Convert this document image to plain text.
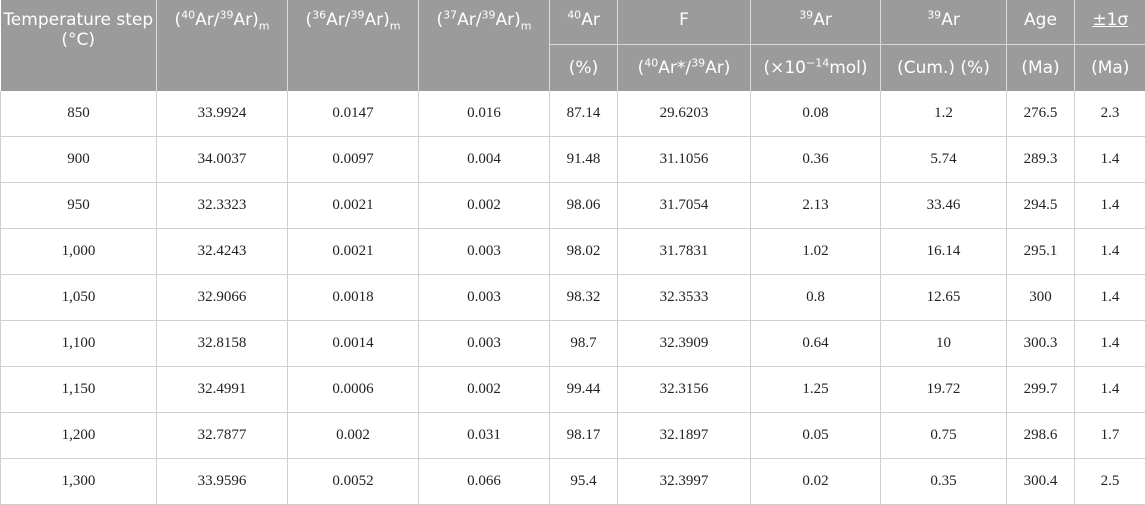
Temperature step (°C)	$(^{40}Ar/^{39}Ar)_m$	$(^{36}Ar/^{39}Ar)_m$	$(^{37}Ar/^{39}Ar)_m$	$^{40}$Ar	F	$^{39}$Ar	$^{39}$Ar	Age	±1σ
				(%)	($^{40}$Ar*/$^{39}$Ar)	$(\times 10^{-14}mol)$	(Cum.) (%)	(Ma)	(Ma)
850	33.9924	0.0147	0.016	87.14	29.6203	0.08	1.2	276.5	2.3
900	34.0037	0.0097	0.004	91.48	31.1056	0.36	5.74	289.3	1.4
950	32.3323	0.0021	0.002	98.06	31.7054	2.13	33.46	294.5	1.4
1,000	32.4243	0.0021	0.003	98.02	31.7831	1.02	16.14	295.1	1.4
1,050	32.9066	0.0018	0.003	98.32	32.3533	0.8	12.65	300	1.4
1,100	32.8158	0.0014	0.003	98.7	32.3909	0.64	10	300.3	1.4
1,150	32.4991	0.0006	0.002	99.44	32.3156	1.25	19.72	299.7	1.4
1,200	32.7877	0.002	0.031	98.17	32.1897	0.05	0.75	298.6	1.7
1,300	33.9596	0.0052	0.066	95.4	32.3997	0.02	0.35	300.4	2.5
